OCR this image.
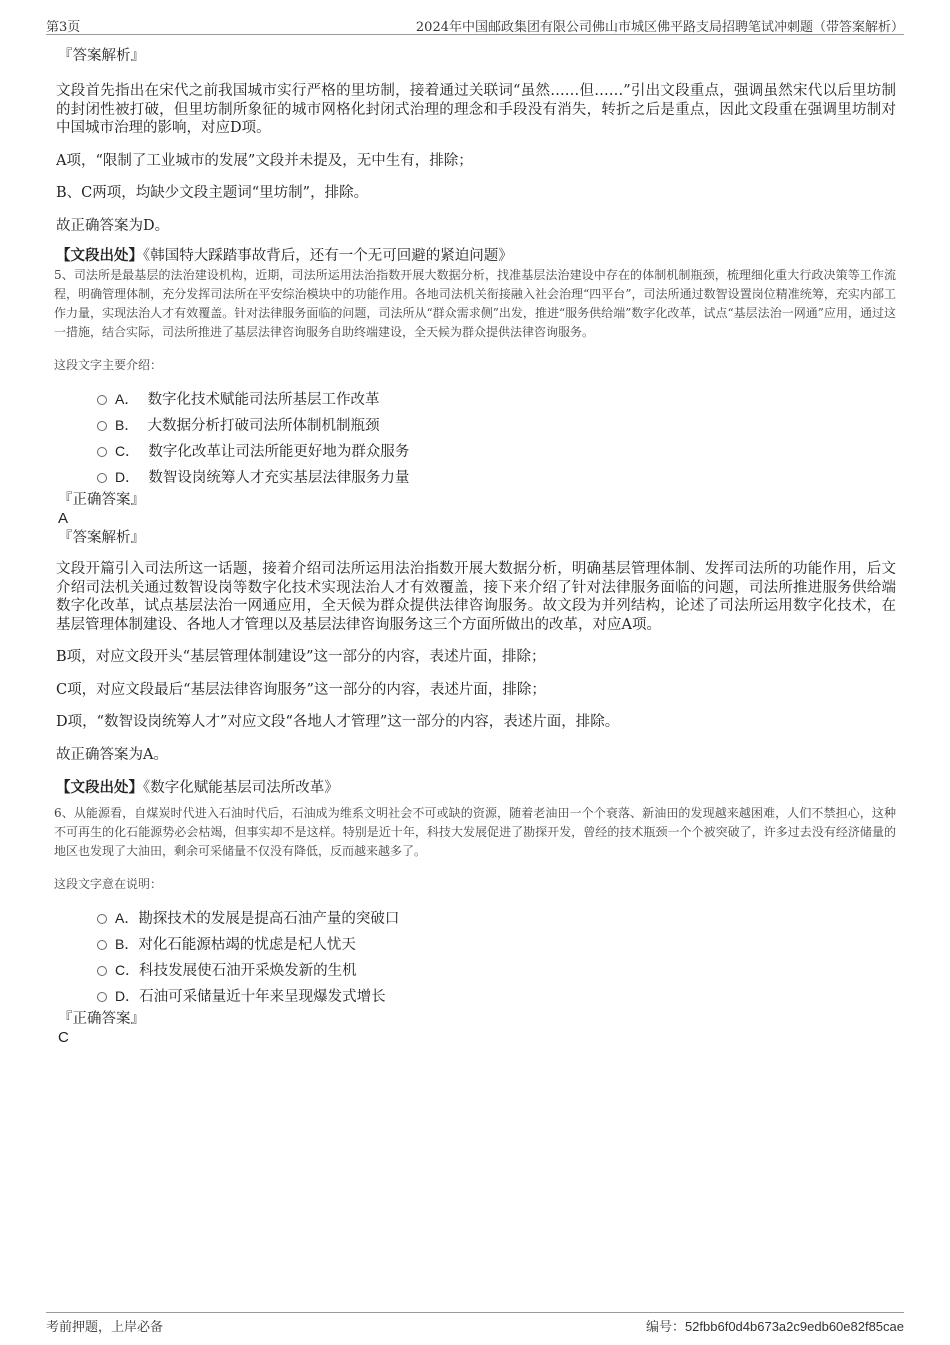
第3页	2024年中国邮政集团有限公司佛山市城区佛平路支局招聘笔试冲刺题（带答案解析）

『答案解析』

文段首先指出在宋代之前我国城市实行严格的里坊制，接着通过关联词“虽然……但……”引出文段重点，强调虽然宋代以后里坊制的封闭性被打破，但里坊制所象征的城市网格化封闭式治理的理念和手段没有消失，转折之后是重点，因此文段重在强调里坊制对中国城市治理的影响，对应D项。

A项，“限制了工业城市的发展”文段并未提及，无中生有，排除；

B、C两项，均缺少文段主题词“里坊制”，排除。

故正确答案为D。

【文段出处】《韩国特大踩踏事故背后，还有一个无可回避的紧迫问题》

5、司法所是最基层的法治建设机构，近期，司法所运用法治指数开展大数据分析，找准基层法治建设中存在的体制机制瓶颈，梳理细化重大行政决策等工作流程，明确管理体制，充分发挥司法所在平安综治模块中的功能作用。各地司法机关衔接融入社会治理“四平台”，司法所通过数智设置岗位精准统筹，充实内部工作力量，实现法治人才有效覆盖。针对法律服务面临的问题，司法所从“群众需求侧”出发，推进“服务供给端”数字化改革，试点“基层法治一网通”应用，通过这一措施，结合实际，司法所推进了基层法律咨询服务自助终端建设，全天候为群众提供法律咨询服务。

这段文字主要介绍：

A． 数字化技术赋能司法所基层工作改革
B． 大数据分析打破司法所体制机制瓶颈
C． 数字化改革让司法所能更好地为群众服务
D． 数智设岗统筹人才充实基层法律服务力量

『正确答案』

A

『答案解析』

文段开篇引入司法所这一话题，接着介绍司法所运用法治指数开展大数据分析，明确基层管理体制、发挥司法所的功能作用，后文介绍司法机关通过数智设岗等数字化技术实现法治人才有效覆盖，接下来介绍了针对法律服务面临的问题，司法所推进服务供给端数字化改革，试点基层法治一网通应用，全天候为群众提供法律咨询服务。故文段为并列结构，论述了司法所运用数字化技术，在基层管理体制建设、各地人才管理以及基层法律咨询服务这三个方面所做出的改革，对应A项。

B项，对应文段开头“基层管理体制建设”这一部分的内容，表述片面，排除；

C项，对应文段最后“基层法律咨询服务”这一部分的内容，表述片面，排除；

D项，“数智设岗统筹人才”对应文段“各地人才管理”这一部分的内容，表述片面，排除。

故正确答案为A。

【文段出处】《数字化赋能基层司法所改革》

6、从能源看，自煤炭时代进入石油时代后，石油成为维系文明社会不可或缺的资源，随着老油田一个个衰落、新油田的发现越来越困难，人们不禁担心，这种不可再生的化石能源势必会枯竭，但事实却不是这样。特别是近十年，科技大发展促进了勘探开发，曾经的技术瓶颈一个个被突破了，许多过去没有经济储量的地区也发现了大油田，剩余可采储量不仅没有降低，反而越来越多了。

这段文字意在说明：

A．勘探技术的发展是提高石油产量的突破口
B．对化石能源枯竭的忧虑是杞人忧天
C．科技发展使石油开采焕发新的生机
D．石油可采储量近十年来呈现爆发式增长

『正确答案』

C

考前押题，上岸必备	编号：52fbb6f0d4b673a2c9edb60e82f85cae
